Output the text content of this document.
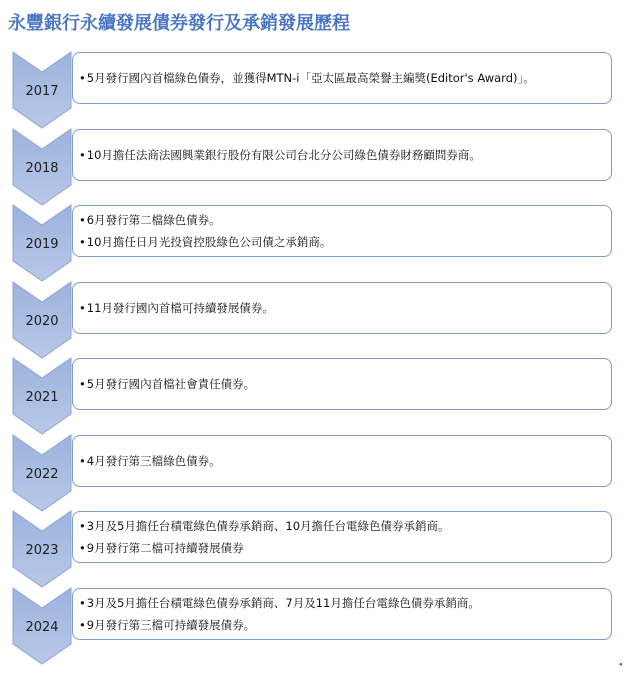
永豐銀行永續發展債券發行及承銷發展歷程
2017
• 5月發行國內首檔綠色債券，並獲得MTN-i「亞太區最高榮譽主編獎(Editor's Award)」。
2018
• 10月擔任法商法國興業銀行股份有限公司台北分公司綠色債券財務顧問券商。
2019
• 6月發行第二檔綠色債券。
• 10月擔任日月光投資控股綠色公司債之承銷商。
2020
• 11月發行國內首檔可持續發展債券。
2021
• 5月發行國內首檔社會責任債券。
2022
• 4月發行第三檔綠色債券。
2023
• 3月及5月擔任台積電綠色債券承銷商、10月擔任台電綠色債券承銷商。
• 9月發行第二檔可持續發展債券
2024
• 3月及5月擔任台積電綠色債券承銷商、7月及11月擔任台電綠色債券承銷商。
• 9月發行第三檔可持續發展債券。
◂
